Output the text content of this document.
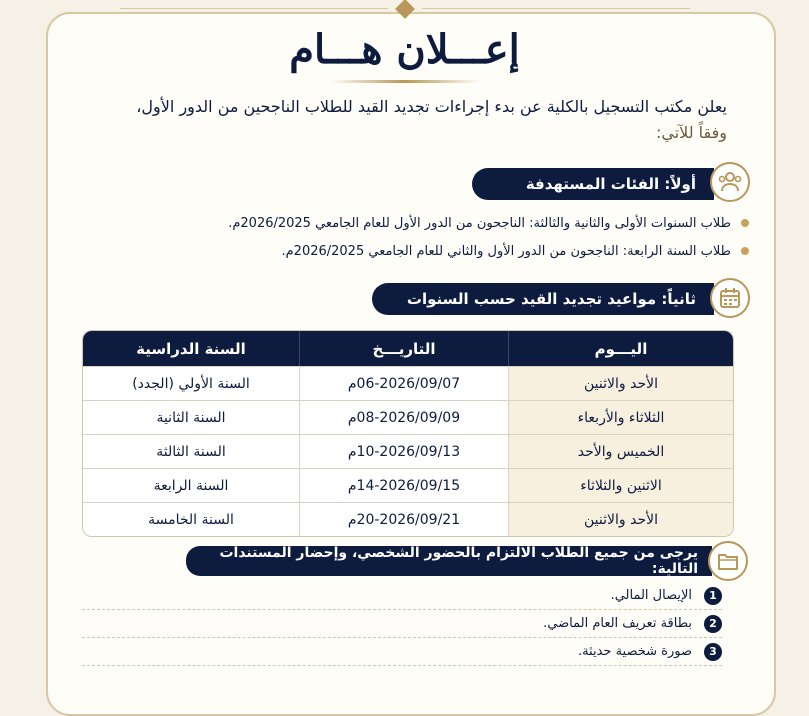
إعـــلان هـــام
يعلن مكتب التسجيل بالكلية عن بدء إجراءات تجديد القيد للطلاب الناجحين من الدور الأول،
وفقاً للآتي:
أولاً: الفئات المستهدفة
طلاب السنوات الأولى والثانية والثالثة: الناجحون من الدور الأول للعام الجامعي 2026/2025م.
طلاب السنة الرابعة: الناجحون من الدور الأول والثاني للعام الجامعي 2026/2025م.
ثانياً: مواعيد تجديد القيد حسب السنوات
اليـــوم	التاريـــخ	السنة الدراسية
الأحد والاثنين	06-2026/09/07م	السنة الأولي (الجدد)
الثلاثاء والأربعاء	08-2026/09/09م	السنة الثانية
الخميس والأحد	10-2026/09/13م	السنة الثالثة
الاثنين والثلاثاء	14-2026/09/15م	السنة الرابعة
الأحد والاثنين	20-2026/09/21م	السنة الخامسة
يرجى من جميع الطلاب الالتزام بالحضور الشخصي، وإحضار المستندات التالية:
1
الإيصال المالي.
2
بطاقة تعريف العام الماضي.
3
صورة شخصية حديثة.
